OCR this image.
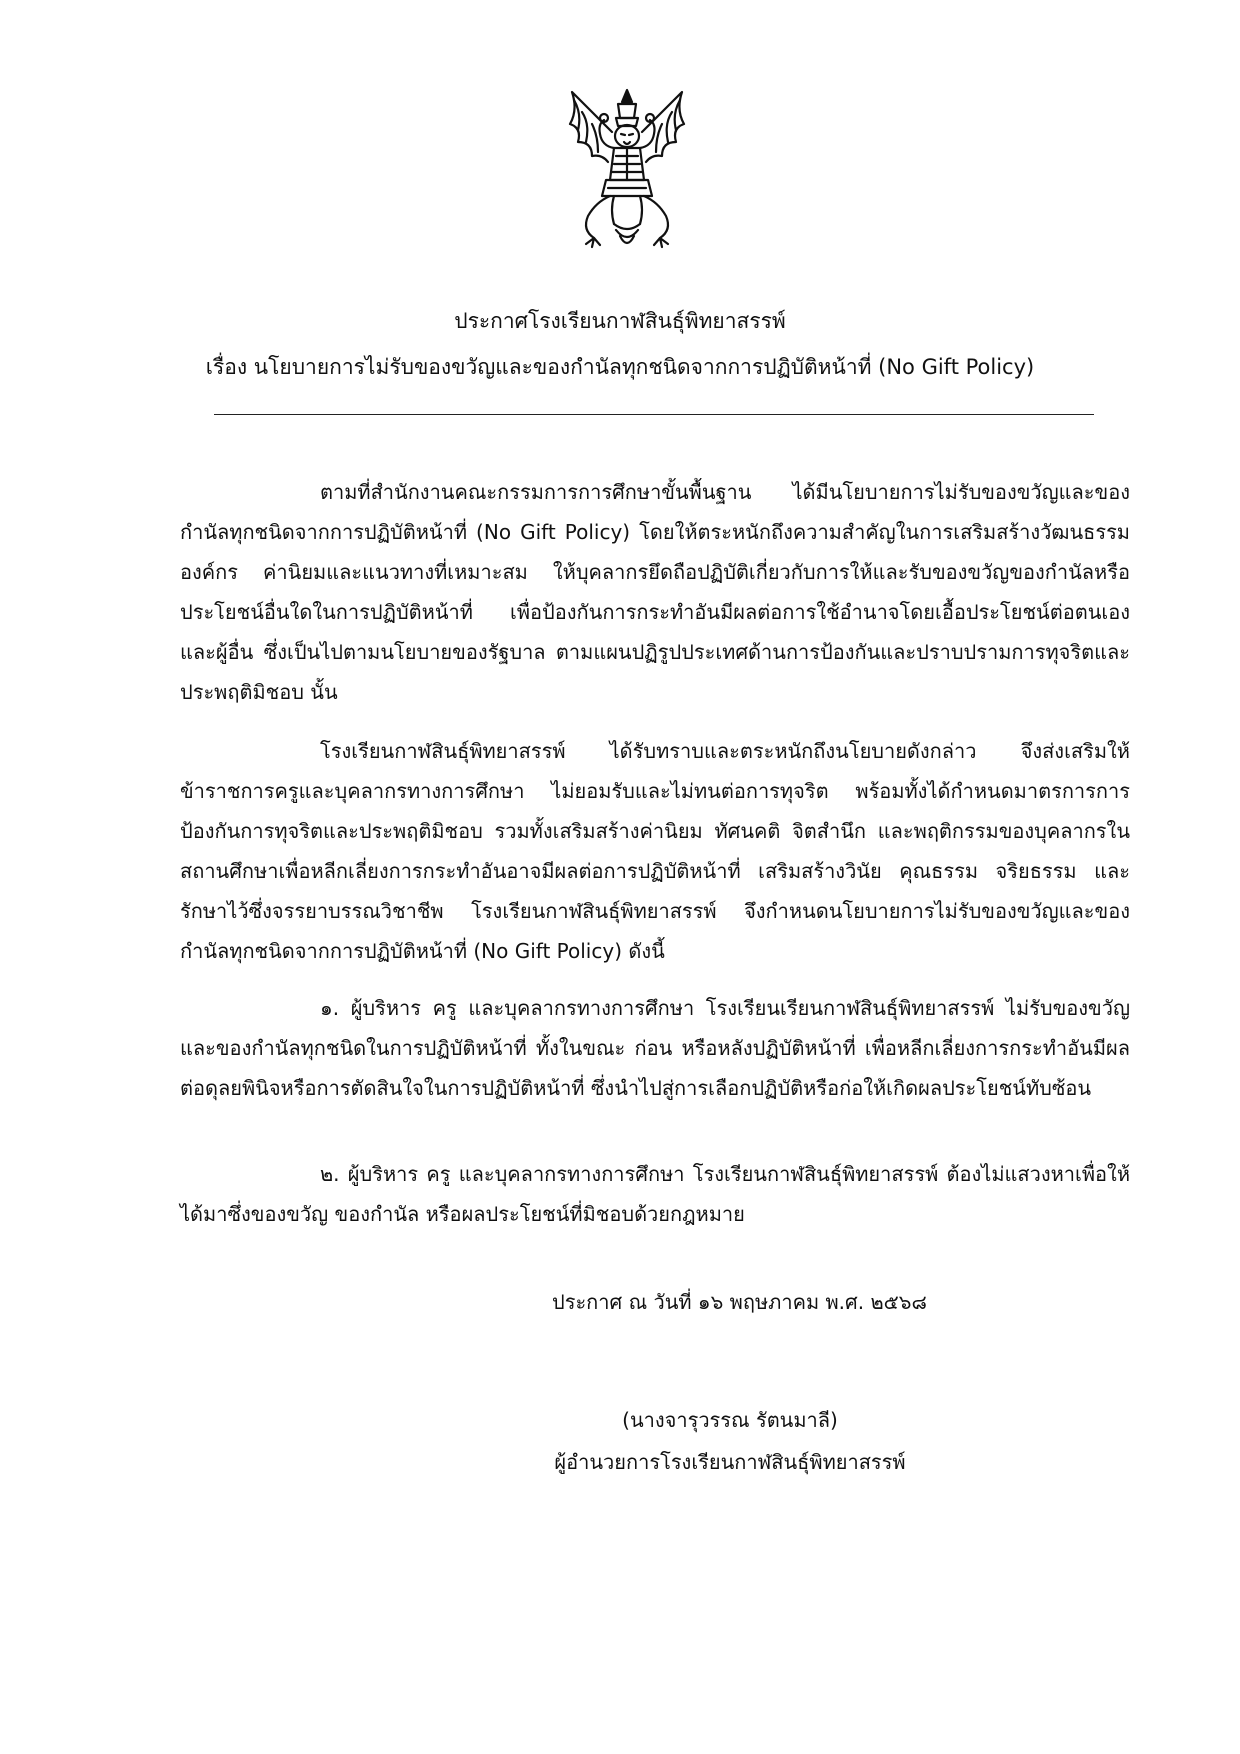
ประกาศโรงเรียนกาฬสินธุ์พิทยาสรรพ์
เรื่อง นโยบายการไม่รับของขวัญและของกำนัลทุกชนิดจากการปฏิบัติหน้าที่ (No Gift Policy)

ตามที่สำนักงานคณะกรรมการการศึกษาขั้นพื้นฐาน ได้มีนโยบายการไม่รับของขวัญและของกำนัลทุกชนิดจากการปฏิบัติหน้าที่ (No Gift Policy) โดยให้ตระหนักถึงความสำคัญในการเสริมสร้างวัฒนธรรมองค์กร ค่านิยมและแนวทางที่เหมาะสม ให้บุคลากรยึดถือปฏิบัติเกี่ยวกับการให้และรับของขวัญของกำนัลหรือประโยชน์อื่นใดในการปฏิบัติหน้าที่ เพื่อป้องกันการกระทำอันมีผลต่อการใช้อำนาจโดยเอื้อประโยชน์ต่อตนเองและผู้อื่น ซึ่งเป็นไปตามนโยบายของรัฐบาล ตามแผนปฏิรูปประเทศด้านการป้องกันและปราบปรามการทุจริตและประพฤติมิชอบ นั้น

โรงเรียนกาฬสินธุ์พิทยาสรรพ์ ได้รับทราบและตระหนักถึงนโยบายดังกล่าว จึงส่งเสริมให้ข้าราชการครูและบุคลากรทางการศึกษา ไม่ยอมรับและไม่ทนต่อการทุจริต พร้อมทั้งได้กำหนดมาตรการการป้องกันการทุจริตและประพฤติมิชอบ รวมทั้งเสริมสร้างค่านิยม ทัศนคติ จิตสำนึก และพฤติกรรมของบุคลากรในสถานศึกษาเพื่อหลีกเลี่ยงการกระทำอันอาจมีผลต่อการปฏิบัติหน้าที่ เสริมสร้างวินัย คุณธรรม จริยธรรม และรักษาไว้ซึ่งจรรยาบรรณวิชาชีพ โรงเรียนกาฬสินธุ์พิทยาสรรพ์ จึงกำหนดนโยบายการไม่รับของขวัญและของกำนัลทุกชนิดจากการปฏิบัติหน้าที่ (No Gift Policy) ดังนี้

๑. ผู้บริหาร ครู และบุคลากรทางการศึกษา โรงเรียนเรียนกาฬสินธุ์พิทยาสรรพ์ ไม่รับของขวัญและของกำนัลทุกชนิดในการปฏิบัติหน้าที่ ทั้งในขณะ ก่อน หรือหลังปฏิบัติหน้าที่ เพื่อหลีกเลี่ยงการกระทำอันมีผลต่อดุลยพินิจหรือการตัดสินใจในการปฏิบัติหน้าที่ ซึ่งนำไปสู่การเลือกปฏิบัติหรือก่อให้เกิดผลประโยชน์ทับซ้อน

๒. ผู้บริหาร ครู และบุคลากรทางการศึกษา โรงเรียนกาฬสินธุ์พิทยาสรรพ์ ต้องไม่แสวงหาเพื่อให้ได้มาซึ่งของขวัญ ของกำนัล หรือผลประโยชน์ที่มิชอบด้วยกฎหมาย

ประกาศ ณ วันที่ ๑๖ พฤษภาคม พ.ศ. ๒๕๖๘
(นางจารุวรรณ รัตนมาลี)
ผู้อำนวยการโรงเรียนกาฬสินธุ์พิทยาสรรพ์
